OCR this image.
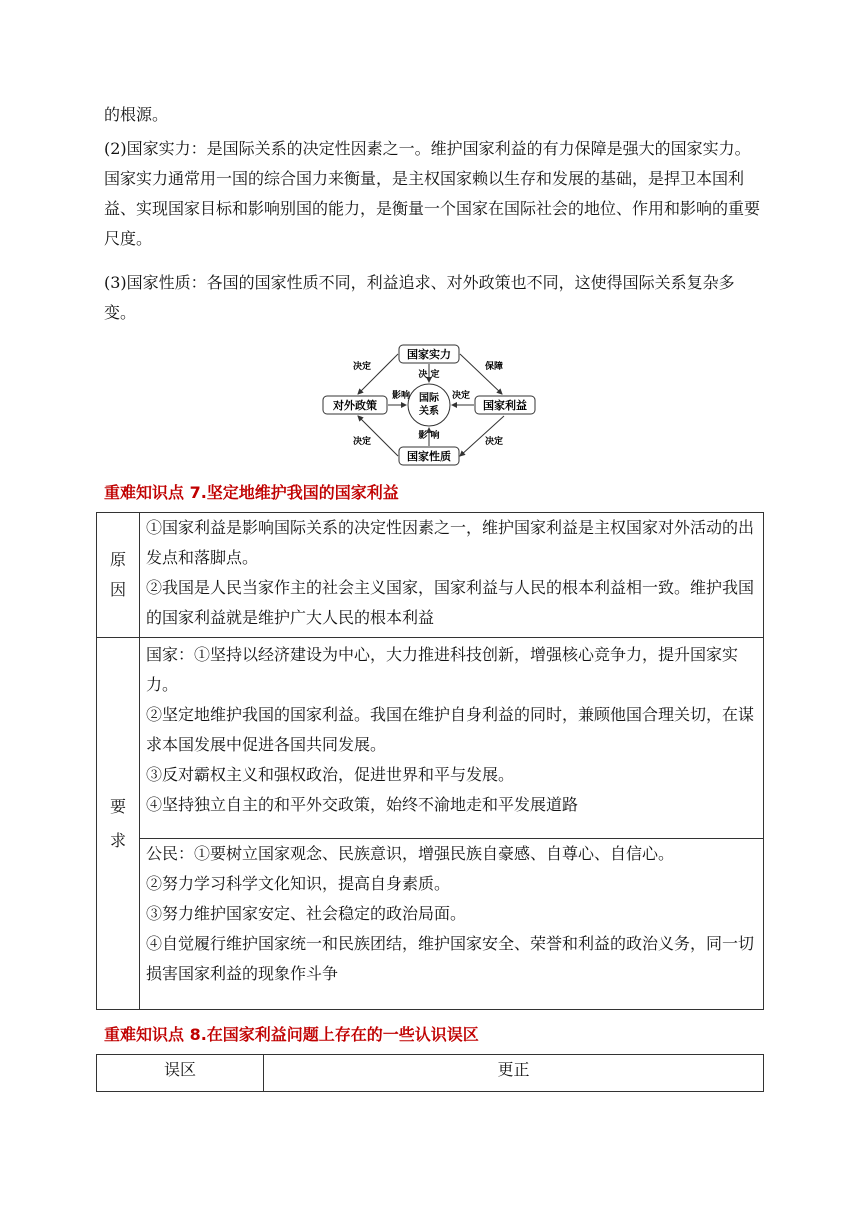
的根源。
(2)国家实力：是国际关系的决定性因素之一。维护国家利益的有力保障是强大的国家实力。国家实力通常用一国的综合国力来衡量，是主权国家赖以生存和发展的基础，是捍卫本国利益、实现国家目标和影响别国的能力，是衡量一个国家在国际社会的地位、作用和影响的重要尺度。
(3)国家性质：各国的国家性质不同，利益追求、对外政策也不同，这使得国际关系复杂多变。
国家实力
对外政策	国家利益
国家性质
国际
关系
决定	保障
决定	决定
决 定
影响	决定
影 响
重难知识点 7.坚定地维护我国的国家利益
原因	①国家利益是影响国际关系的决定性因素之一，维护国家利益是主权国家对外活动的出发点和落脚点。
②我国是人民当家作主的社会主义国家，国家利益与人民的根本利益相一致。维护我国的国家利益就是维护广大人民的根本利益

要求	国家：①坚持以经济建设为中心，大力推进科技创新，增强核心竞争力，提升国家实力。
②坚定地维护我国的国家利益。我国在维护自身利益的同时，兼顾他国合理关切，在谋求本国发展中促进各国共同发展。
③反对霸权主义和强权政治，促进世界和平与发展。
④坚持独立自主的和平外交政策，始终不渝地走和平发展道路

	公民：①要树立国家观念、民族意识，增强民族自豪感、自尊心、自信心。
②努力学习科学文化知识，提高自身素质。
③努力维护国家安定、社会稳定的政治局面。
④自觉履行维护国家统一和民族团结，维护国家安全、荣誉和利益的政治义务，同一切损害国家利益的现象作斗争
重难知识点 8.在国家利益问题上存在的一些认识误区
误区	更正
